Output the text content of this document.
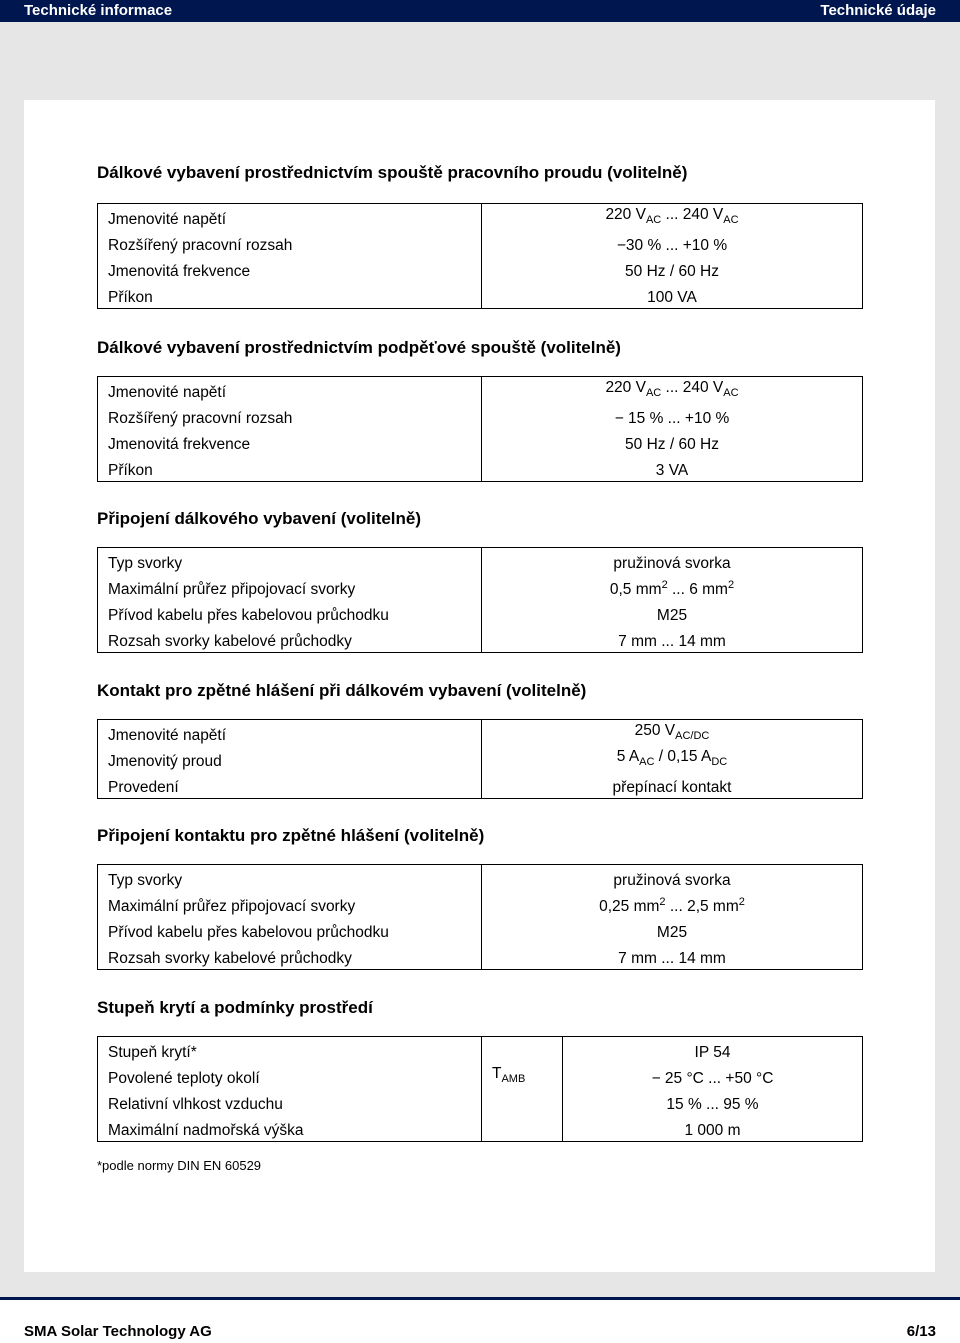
Technické informace	Technické údaje
Dálkové vybavení prostřednictvím spouště pracovního proudu (volitelně)
Jmenovité napětí	220 $V_{AC}$ ... 240 $V_{AC}$
Rozšířený pracovní rozsah	−30 % ... +10 %
Jmenovitá frekvence	50 Hz / 60 Hz
Příkon	100 VA
Dálkové vybavení prostřednictvím podpěťové spouště (volitelně)
Jmenovité napětí	220 $V_{AC}$ ... 240 $V_{AC}$
Rozšířený pracovní rozsah	− 15 % ... +10 %
Jmenovitá frekvence	50 Hz / 60 Hz
Příkon	3 VA
Připojení dálkového vybavení (volitelně)
Typ svorky	pružinová svorka
Maximální průřez připojovací svorky	0,5 $mm^2$ ... 6 $mm^2$
Přívod kabelu přes kabelovou průchodku	M25
Rozsah svorky kabelové průchodky	7 mm ... 14 mm
Kontakt pro zpětné hlášení při dálkovém vybavení (volitelně)
Jmenovité napětí	250 $V_{AC/DC}$
Jmenovitý proud	5 $A_{AC} / 0,15$ $A_{DC}$
Provedení	přepínací kontakt
Připojení kontaktu pro zpětné hlášení (volitelně)
Typ svorky	pružinová svorka
Maximální průřez připojovací svorky	0,25 $mm^2$ ... 2,5 $mm^2$
Přívod kabelu přes kabelovou průchodku	M25
Rozsah svorky kabelové průchodky	7 mm ... 14 mm
Stupeň krytí a podmínky prostředí
Stupeň krytí*		IP 54
Povolené teploty okolí	$T_{AMB}$	− 25 °C ... +50 °C
Relativní vlhkost vzduchu		15 % ... 95 %
Maximální nadmořská výška		1 000 m
*podle normy DIN EN 60529
SMA Solar Technology AG	6/13
